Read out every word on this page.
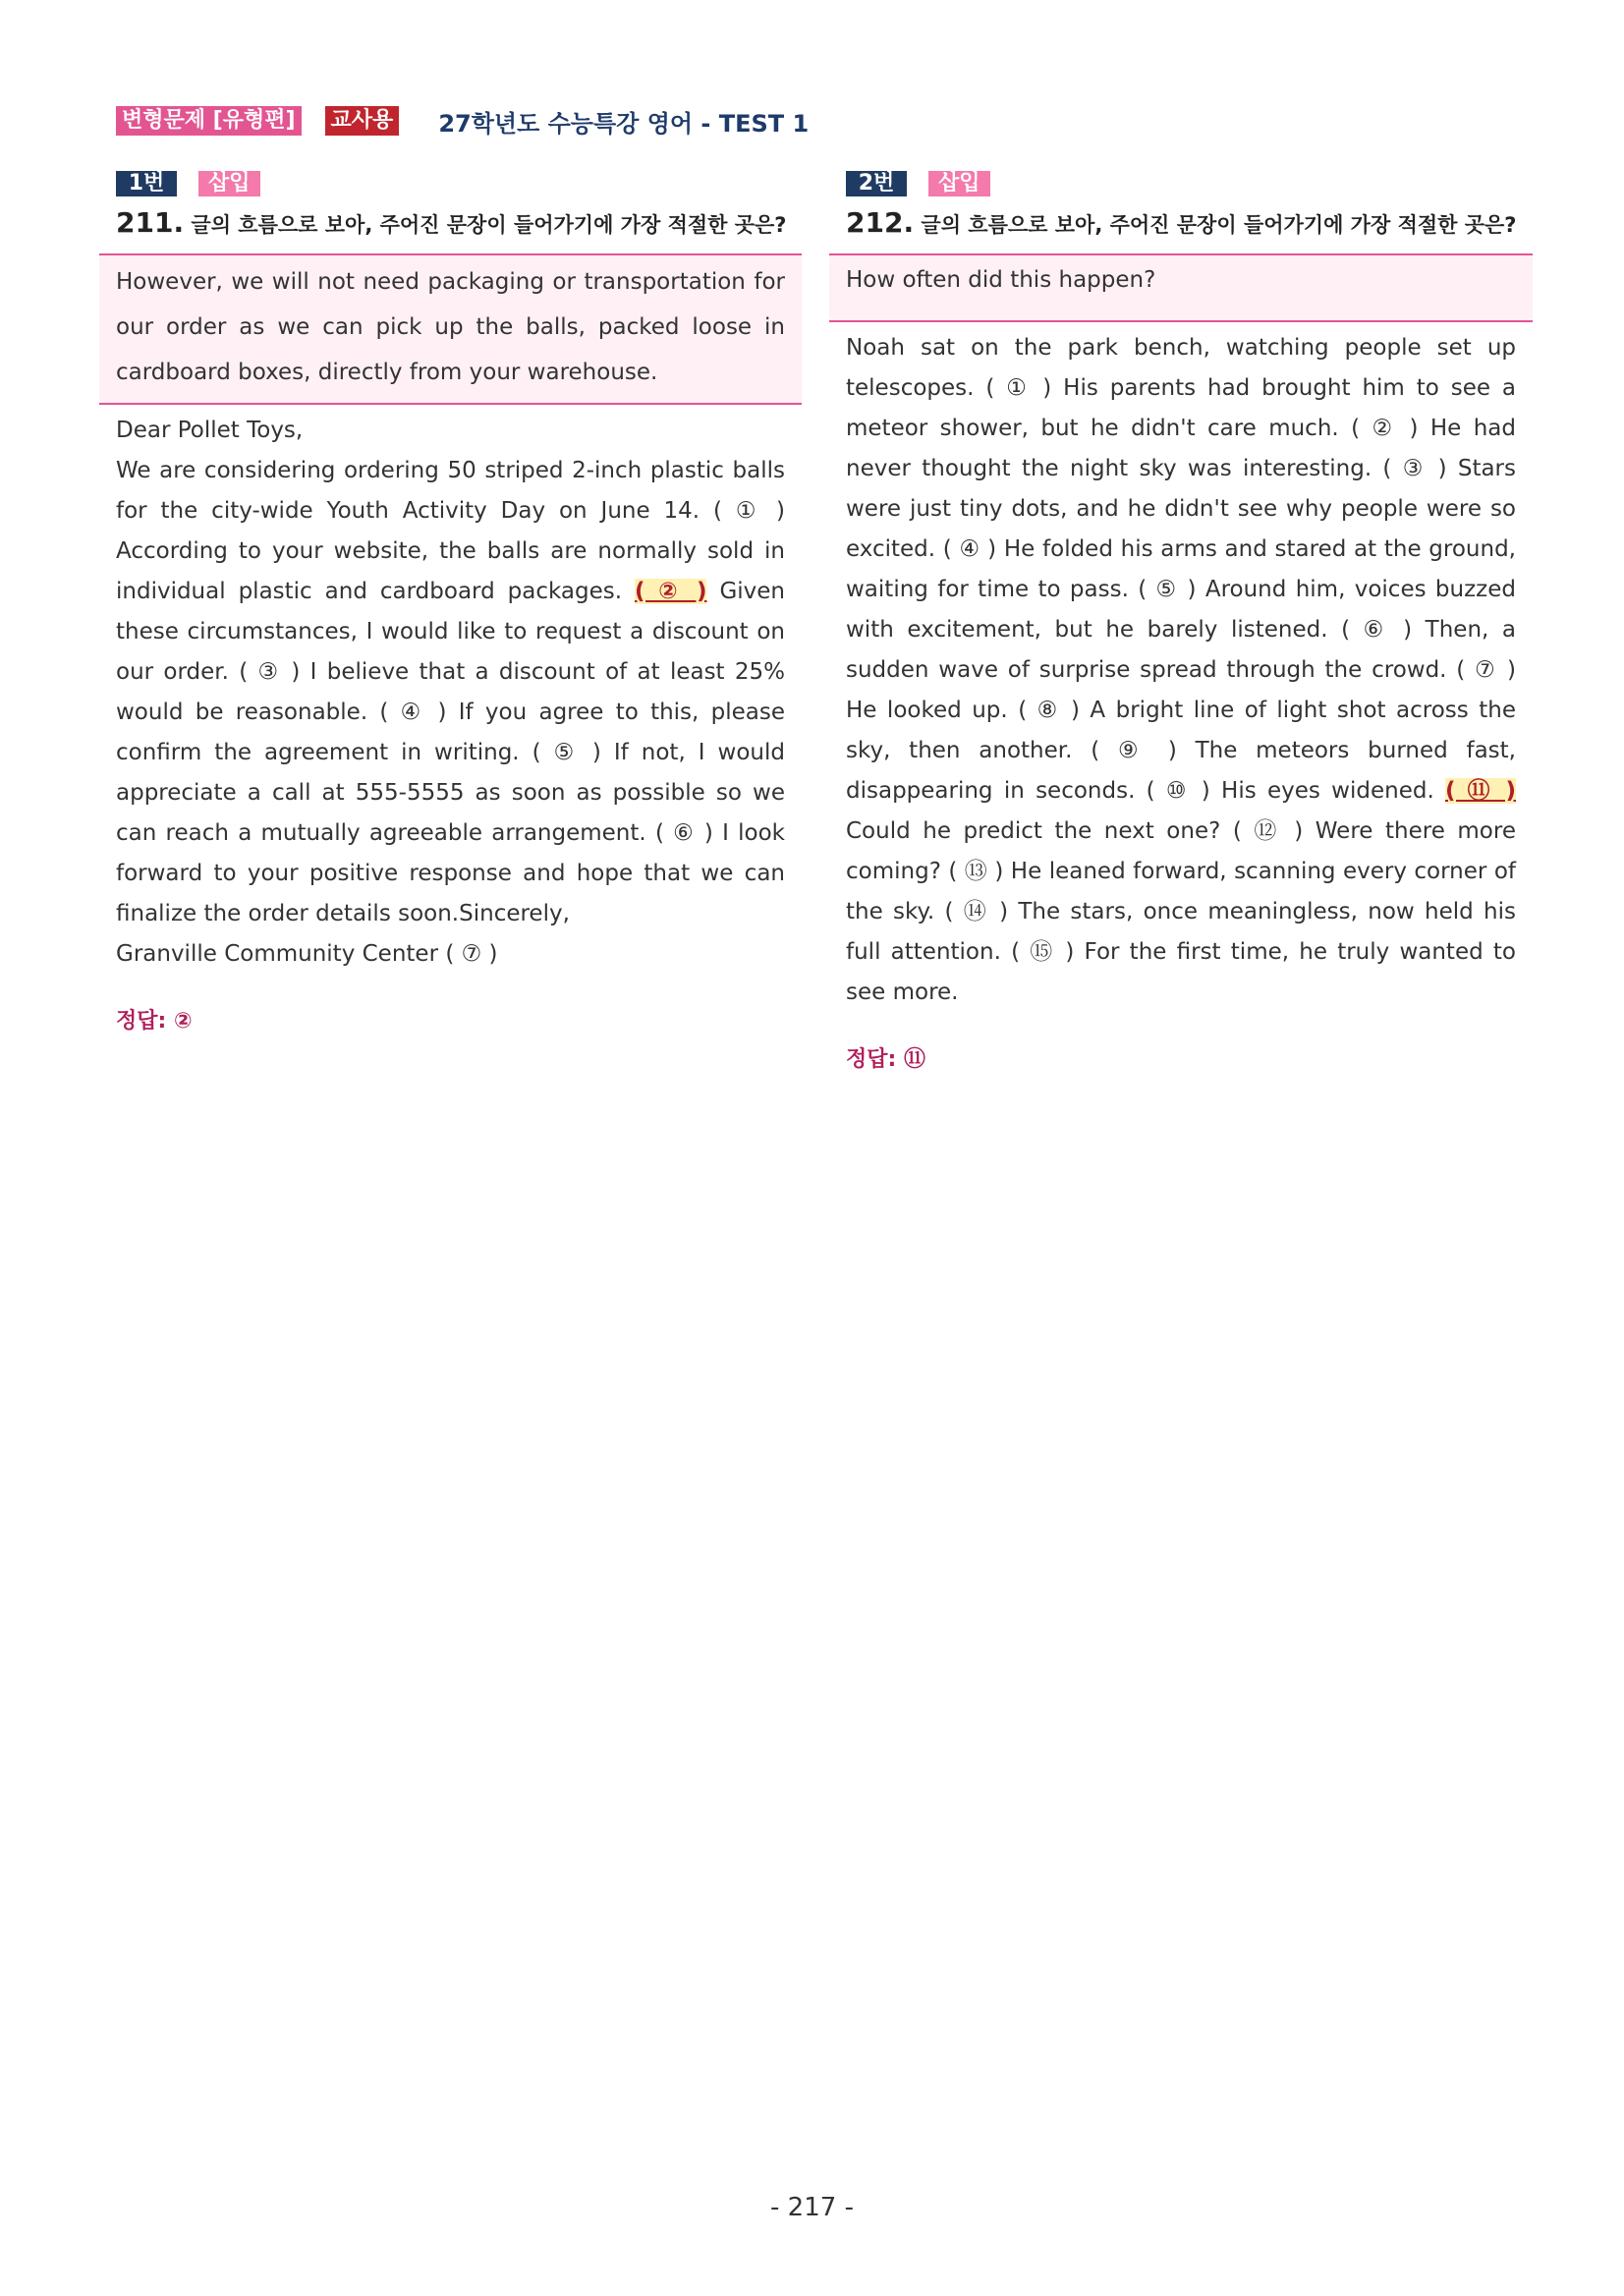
변형문제 [유형편] 교사용 27학년도 수능특강 영어 - TEST 1
1번	삽입
211. 글의 흐름으로 보아, 주어진 문장이 들어가기에 가장 적절한 곳은?
However, we will not need packaging or transportation for our order as we can pick up the balls, packed loose in cardboard boxes, directly from your warehouse.

Dear Pollet Toys,

We are considering ordering 50 striped 2-inch plastic balls for the city-wide Youth Activity Day on June 14. ( ① ) According to your website, the balls are normally sold in individual plastic and cardboard packages. ( ② ) Given these circumstances, I would like to request a discount on our order. ( ③ ) I believe that a discount of at least 25% would be reasonable. ( ④ ) If you agree to this, please confirm the agreement in writing. ( ⑤ ) If not, I would appreciate a call at 555-5555 as soon as possible so we can reach a mutually agreeable arrangement. ( ⑥ ) I look forward to your positive response and hope that we can finalize the order details soon.Sincerely,

Granville Community Center ( ⑦ )

정답: ②
2번	삽입
212. 글의 흐름으로 보아, 주어진 문장이 들어가기에 가장 적절한 곳은?
How often did this happen?

Noah sat on the park bench, watching people set up telescopes. ( ① ) His parents had brought him to see a meteor shower, but he didn't care much. ( ② ) He had never thought the night sky was interesting. ( ③ ) Stars were just tiny dots, and he didn't see why people were so excited. ( ④ ) He folded his arms and stared at the ground, waiting for time to pass. ( ⑤ ) Around him, voices buzzed with excitement, but he barely listened. ( ⑥ ) Then, a sudden wave of surprise spread through the crowd. ( ⑦ ) He looked up. ( ⑧ ) A bright line of light shot across the sky, then another. ( ⑨ ) The meteors burned fast, disappearing in seconds. ( ⑩ ) His eyes widened. ( ⑪ ) Could he predict the next one? ( ⑫ ) Were there more coming? ( ⑬ ) He leaned forward, scanning every corner of the sky. ( ⑭ ) The stars, once meaningless, now held his full attention. ( ⑮ ) For the first time, he truly wanted to see more.

정답: ⑪
- 217 -
